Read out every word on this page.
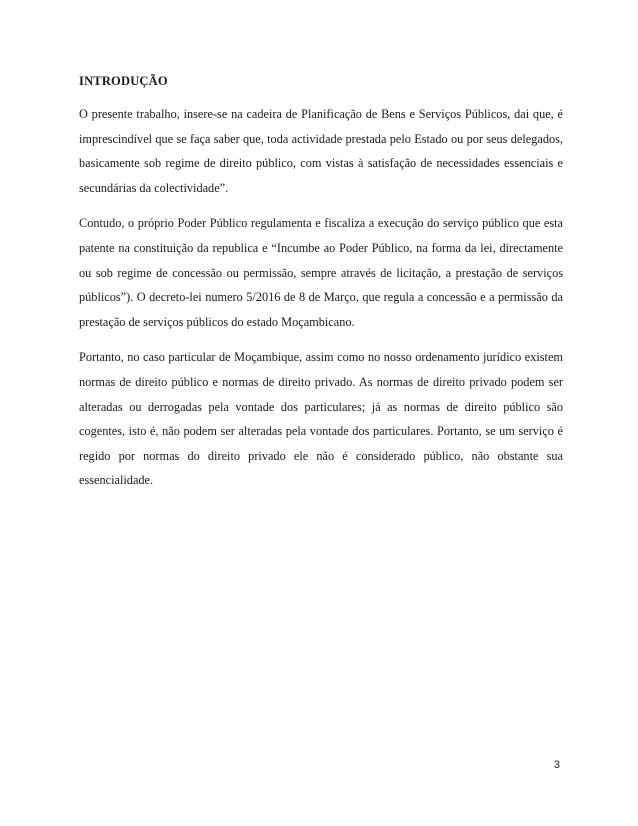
INTRODUÇÃO

O presente trabalho, insere-se na cadeira de Planificação de Bens e Serviços Públicos, dai que, é imprescindível que se faça saber que, toda actividade prestada pelo Estado ou por seus delegados, basicamente sob regime de direito público, com vistas à satisfação de necessidades essenciais e secundárias da colectividade”.

Contudo, o próprio Poder Público regulamenta e fiscaliza a execução do serviço público que esta patente na constituição da republica e “Incumbe ao Poder Público, na forma da lei, directamente ou sob regime de concessão ou permissão, sempre através de licitação, a prestação de serviços públicos”). O decreto-lei numero 5/2016 de 8 de Março, que regula a concessão e a permissão da prestação de serviços públicos do estado Moçambicano.

Portanto, no caso particular de Moçambique, assim como no nosso ordenamento jurídico existem normas de direito público e normas de direito privado. As normas de direito privado podem ser alteradas ou derrogadas pela vontade dos particulares; já as normas de direito público são cogentes, isto é, não podem ser alteradas pela vontade dos particulares. Portanto, se um serviço é regido por normas do direito privado ele não é considerado público, não obstante sua essencialidade.

3
